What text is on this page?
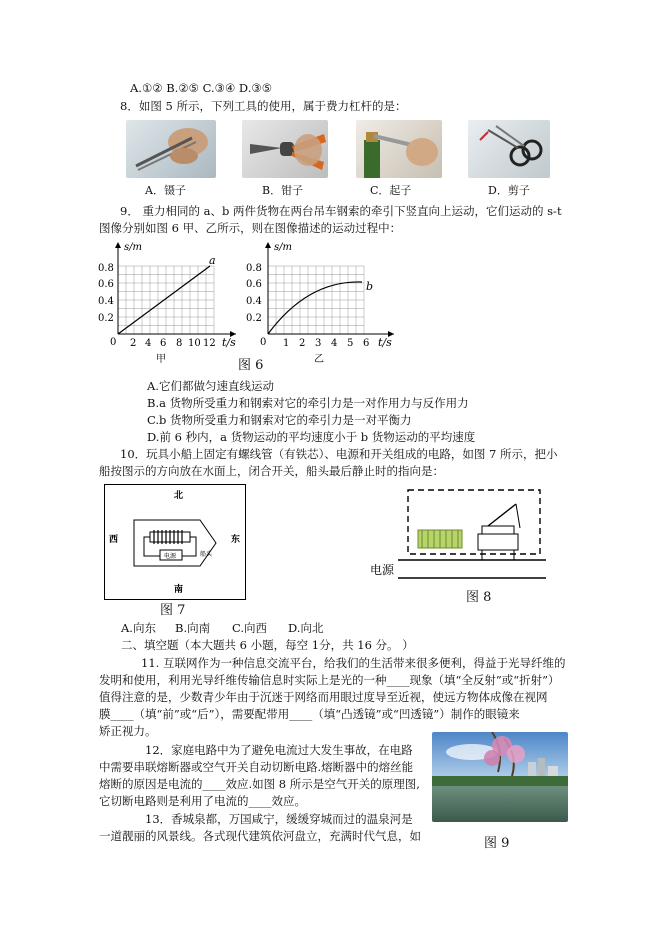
A.①② B.②⑤ C.③④ D.③⑤
8．如图 5 所示，下列工具的使用，属于费力杠杆的是：
A．镊子	B．钳子	C．起子	D．剪子
9． 重力相同的 a、b 两件货物在两台吊车钢索的牵引下竖直向上运动，它们运动的 s-t
图像分别如图 6 甲、乙所示，则在图像描述的运动过程中：
s/m
a
0
0.8
0.6
0.4
0.2
2 4 6 8 10 12 t/s
甲	图 6
s/m
b
0
0.8
0.6
0.4
0.2
1 2 3 4 5 6 t/s
乙
A.它们都做匀速直线运动
B.a 货物所受重力和钢索对它的牵引力是一对作用力与反作用力
C.b 货物所受重力和钢索对它的牵引力是一对平衡力
D.前 6 秒内，a 货物运动的平均速度小于 b 货物运动的平均速度
10．玩具小船上固定有螺线管（有铁芯）、电源和开关组成的电路，如图 7 所示，把小
船按图示的方向放在水面上，闭合开关，船头最后静止时的指向是：
北
南
西	东
船头
电源
图 7
电源
图 8
A.向东 B.向南 C.向西 D.向北
二、填空题（本大题共 6 小题，每空 1分，共 16 分。 ）
11. 互联网作为一种信息交流平台，给我们的生活带来很多便利，得益于光导纤维的
发明和使用，利用光导纤维传输信息时实际上是光的一种____现象（填“全反射”或“折射”）
值得注意的是，少数青少年由于沉迷于网络而用眼过度导至近视，使远方物体成像在视网
膜____（填“前”或“后”），需要配带用____（填“凸透镜”或“凹透镜”）制作的眼镜来
矫正视力。
12．家庭电路中为了避免电流过大发生事故，在电路
中需要串联熔断器或空气开关自动切断电路.熔断器中的熔丝能
熔断的原因是电流的____效应.如图 8 所示是空气开关的原理图,
它切断电路则是利用了电流的____效应。
13．香城泉都，万国咸宁，缓缓穿城而过的温泉河是
一道靓丽的风景线。各式现代建筑依河盘立，充满时代气息，如	图 9
